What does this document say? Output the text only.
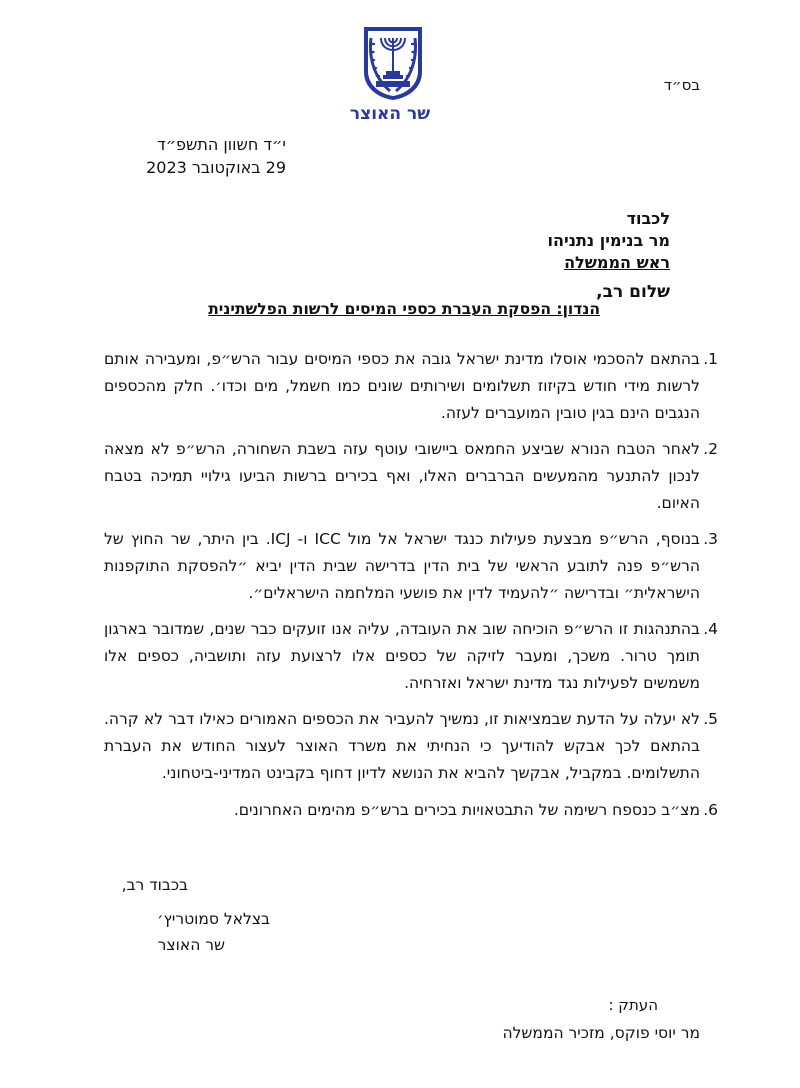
שר האוצר
בס״ד
י״ד חשוון התשפ״ד
29 באוקטובר 2023
לכבוד
מר בנימין נתניהו
ראש הממשלה
שלום רב,
הנדון: הפסקת העברת כספי המיסים לרשות הפלשתינית
1.
בהתאם להסכמי אוסלו מדינת ישראל גובה את כספי המיסים עבור הרש״פ, ומעבירה אותם לרשות מידי חודש בקיזוז תשלומים ושירותים שונים כמו חשמל, מים וכדו׳. חלק מהכספים הנגבים הינם בגין טובין המועברים לעזה.
2.
לאחר הטבח הנורא שביצע החמאס ביישובי עוטף עזה בשבת השחורה, הרש״פ לא מצאה לנכון להתנער מהמעשים הברברים האלו, ואף בכירים ברשות הביעו גילויי תמיכה בטבח האיום.
3.
בנוסף, הרש״פ מבצעת פעילות כנגד ישראל אל מול ICC ו- ICJ. בין היתר, שר החוץ של הרש״פ פנה לתובע הראשי של בית הדין בדרישה שבית הדין יביא ״להפסקת התוקפנות הישראלית״ ובדרישה ״להעמיד לדין את פושעי המלחמה הישראלים״.
4.
בהתנהגות זו הרש״פ הוכיחה שוב את העובדה, עליה אנו זועקים כבר שנים, שמדובר בארגון תומך טרור. משכך, ומעבר לזיקה של כספים אלו לרצועת עזה ותושביה, כספים אלו משמשים לפעילות נגד מדינת ישראל ואזרחיה.
5.
לא יעלה על הדעת שבמציאות זו, נמשיך להעביר את הכספים האמורים כאילו דבר לא קרה. בהתאם לכך אבקש להודיעך כי הנחיתי את משרד האוצר לעצור החודש את העברת התשלומים. במקביל, אבקשך להביא את הנושא לדיון דחוף בקבינט המדיני-ביטחוני.
6.
מצ״ב כנספח רשימה של התבטאויות בכירים ברש״פ מהימים האחרונים.
בכבוד רב,
בצלאל סמוטריץ׳
שר האוצר
העתק :
מר יוסי פוקס, מזכיר הממשלה
